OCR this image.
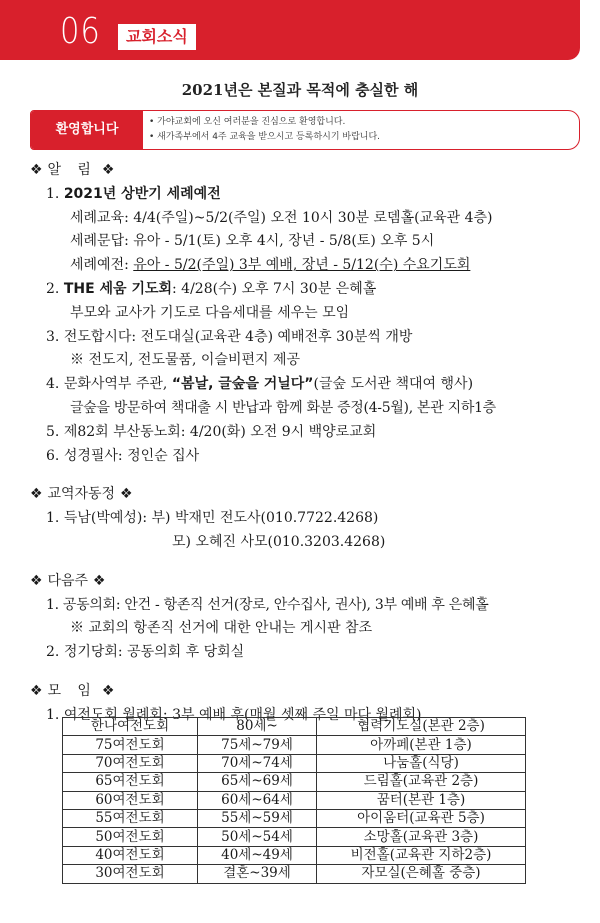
06	교회소식
2021년은 본질과 목적에 충실한 해
환영합니다	• 가야교회에 오신 여러분을 진심으로 환영합니다.
• 새가족부에서 4주 교육을 받으시고 등록하시기 바랍니다.
❖ 알 림 ❖
1. 2021년 상반기 세례예전
세례교육: 4/4(주일)~5/2(주일) 오전 10시 30분 로뎀홀(교육관 4층)
세례문답: 유아 - 5/1(토) 오후 4시, 장년 - 5/8(토) 오후 5시
세례예전: 유아 - 5/2(주일) 3부 예배, 장년 - 5/12(수) 수요기도회
2. THE 세움 기도회: 4/28(수) 오후 7시 30분 은혜홀
부모와 교사가 기도로 다음세대를 세우는 모임
3. 전도합시다: 전도대실(교육관 4층) 예배전후 30분씩 개방
※ 전도지, 전도물품, 이슬비편지 제공
4. 문화사역부 주관, “봄날, 글숲을 거닐다”(글숲 도서관 책대여 행사)
글숲을 방문하여 책대출 시 반납과 함께 화분 증정(4-5월), 본관 지하1층
5. 제82회 부산동노회: 4/20(화) 오전 9시 백양로교회
6. 성경필사: 정인순 집사
❖ 교역자동정 ❖
1. 득남(박예성): 부) 박재민 전도사(010.7722.4268)
모) 오혜진 사모(010.3203.4268)
❖ 다음주 ❖
1. 공동의회: 안건 - 항존직 선거(장로, 안수집사, 권사), 3부 예배 후 은혜홀
※ 교회의 항존직 선거에 대한 안내는 게시판 참조
2. 정기당회: 공동의회 후 당회실
❖ 모 임 ❖
1. 여전도회 월례회: 3부 예배 후(매월 셋째 주일 마다 월례회)
한나여전도회	80세~	협력기도실(본관 2층)
75여전도회	75세~79세	아까페(본관 1층)
70여전도회	70세~74세	나눔홀(식당)
65여전도회	65세~69세	드림홀(교육관 2층)
60여전도회	60세~64세	꿈터(본관 1층)
55여전도회	55세~59세	아이움터(교육관 5층)
50여전도회	50세~54세	소망홀(교육관 3층)
40여전도회	40세~49세	비전홀(교육관 지하2층)
30여전도회	결혼~39세	자모실(은혜홀 중층)
